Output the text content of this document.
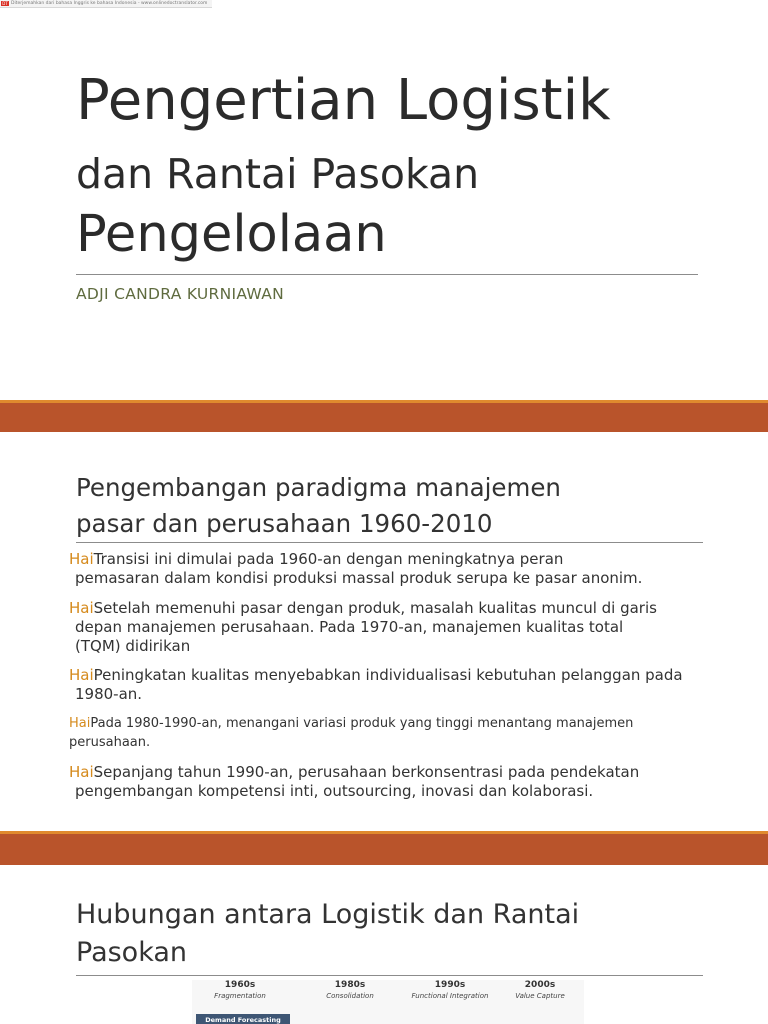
DT Diterjemahkan dari bahasa Inggris ke bahasa Indonesia - www.onlinedoctranslator.com
Pengertian Logistik
dan Rantai Pasokan
Pengelolaan
ADJI CANDRA KURNIAWAN
Pengembangan paradigma manajemen
pasar dan perusahaan 1960-2010
HaiTransisi ini dimulai pada 1960-an dengan meningkatnya peran
pemasaran dalam kondisi produksi massal produk serupa ke pasar anonim.
HaiSetelah memenuhi pasar dengan produk, masalah kualitas muncul di garis
depan manajemen perusahaan. Pada 1970-an, manajemen kualitas total
(TQM) didirikan
HaiPeningkatan kualitas menyebabkan individualisasi kebutuhan pelanggan pada
1980-an.
HaiPada 1980-1990-an, menangani variasi produk yang tinggi menantang manajemen
perusahaan.
HaiSepanjang tahun 1990-an, perusahaan berkonsentrasi pada pendekatan
pengembangan kompetensi inti, outsourcing, inovasi dan kolaborasi.
Hubungan antara Logistik dan Rantai
Pasokan
1960s
Fragmentation
1980s
Consolidation
1990s
Functional Integration
2000s
Value Capture
Demand Forecasting
